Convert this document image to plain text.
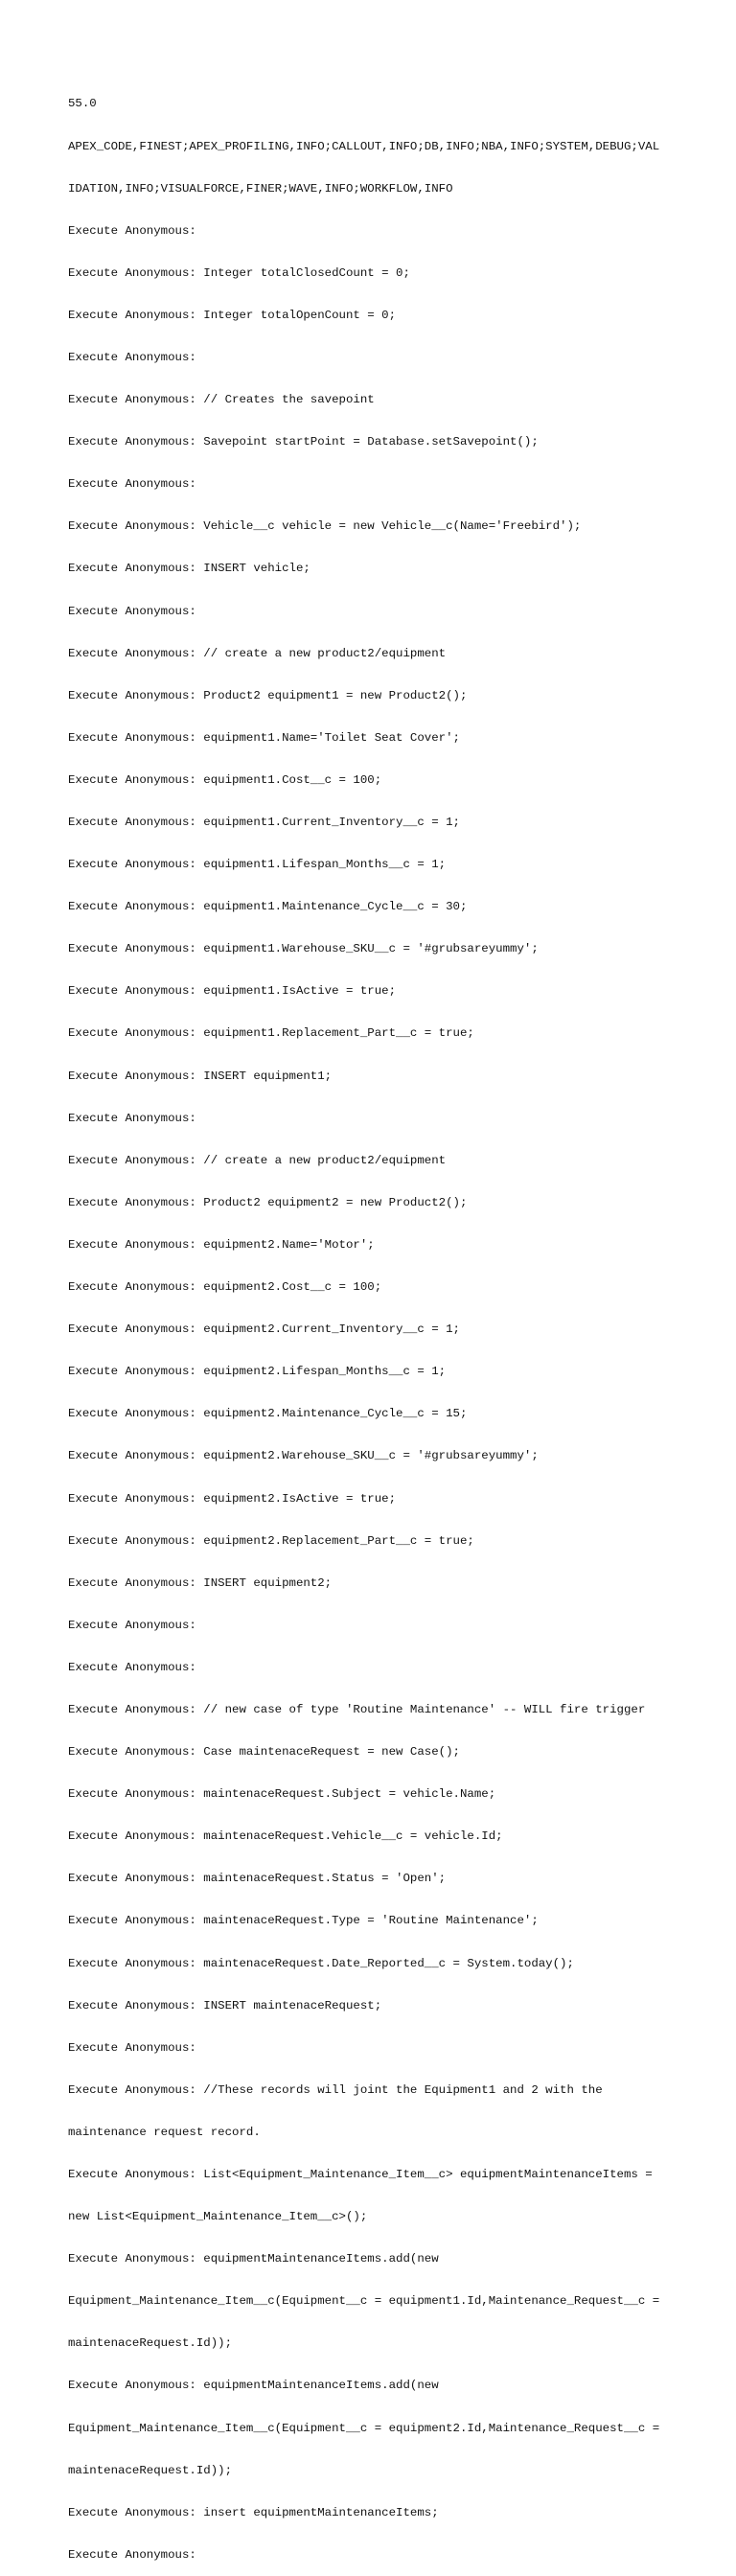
55.0

APEX_CODE,FINEST;APEX_PROFILING,INFO;CALLOUT,INFO;DB,INFO;NBA,INFO;SYSTEM,DEBUG;VAL

IDATION,INFO;VISUALFORCE,FINER;WAVE,INFO;WORKFLOW,INFO

Execute Anonymous:

Execute Anonymous: Integer totalClosedCount = 0;

Execute Anonymous: Integer totalOpenCount = 0;

Execute Anonymous:

Execute Anonymous: // Creates the savepoint

Execute Anonymous: Savepoint startPoint = Database.setSavepoint();

Execute Anonymous:

Execute Anonymous: Vehicle__c vehicle = new Vehicle__c(Name='Freebird');

Execute Anonymous: INSERT vehicle;

Execute Anonymous:

Execute Anonymous: // create a new product2/equipment

Execute Anonymous: Product2 equipment1 = new Product2();

Execute Anonymous: equipment1.Name='Toilet Seat Cover';

Execute Anonymous: equipment1.Cost__c = 100;

Execute Anonymous: equipment1.Current_Inventory__c = 1;

Execute Anonymous: equipment1.Lifespan_Months__c = 1;

Execute Anonymous: equipment1.Maintenance_Cycle__c = 30;

Execute Anonymous: equipment1.Warehouse_SKU__c = '#grubsareyummy';

Execute Anonymous: equipment1.IsActive = true;

Execute Anonymous: equipment1.Replacement_Part__c = true;

Execute Anonymous: INSERT equipment1;

Execute Anonymous:

Execute Anonymous: // create a new product2/equipment

Execute Anonymous: Product2 equipment2 = new Product2();

Execute Anonymous: equipment2.Name='Motor';

Execute Anonymous: equipment2.Cost__c = 100;

Execute Anonymous: equipment2.Current_Inventory__c = 1;

Execute Anonymous: equipment2.Lifespan_Months__c = 1;

Execute Anonymous: equipment2.Maintenance_Cycle__c = 15;

Execute Anonymous: equipment2.Warehouse_SKU__c = '#grubsareyummy';

Execute Anonymous: equipment2.IsActive = true;

Execute Anonymous: equipment2.Replacement_Part__c = true;

Execute Anonymous: INSERT equipment2;

Execute Anonymous:

Execute Anonymous:

Execute Anonymous: // new case of type 'Routine Maintenance' -- WILL fire trigger

Execute Anonymous: Case maintenaceRequest = new Case();

Execute Anonymous: maintenaceRequest.Subject = vehicle.Name;

Execute Anonymous: maintenaceRequest.Vehicle__c = vehicle.Id;

Execute Anonymous: maintenaceRequest.Status = 'Open';

Execute Anonymous: maintenaceRequest.Type = 'Routine Maintenance';

Execute Anonymous: maintenaceRequest.Date_Reported__c = System.today();

Execute Anonymous: INSERT maintenaceRequest;

Execute Anonymous:

Execute Anonymous: //These records will joint the Equipment1 and 2 with the

maintenance request record.

Execute Anonymous: List<Equipment_Maintenance_Item__c> equipmentMaintenanceItems =

new List<Equipment_Maintenance_Item__c>();

Execute Anonymous: equipmentMaintenanceItems.add(new

Equipment_Maintenance_Item__c(Equipment__c = equipment1.Id,Maintenance_Request__c =

maintenaceRequest.Id));

Execute Anonymous: equipmentMaintenanceItems.add(new

Equipment_Maintenance_Item__c(Equipment__c = equipment2.Id,Maintenance_Request__c =

maintenaceRequest.Id));

Execute Anonymous: insert equipmentMaintenanceItems;

Execute Anonymous:
